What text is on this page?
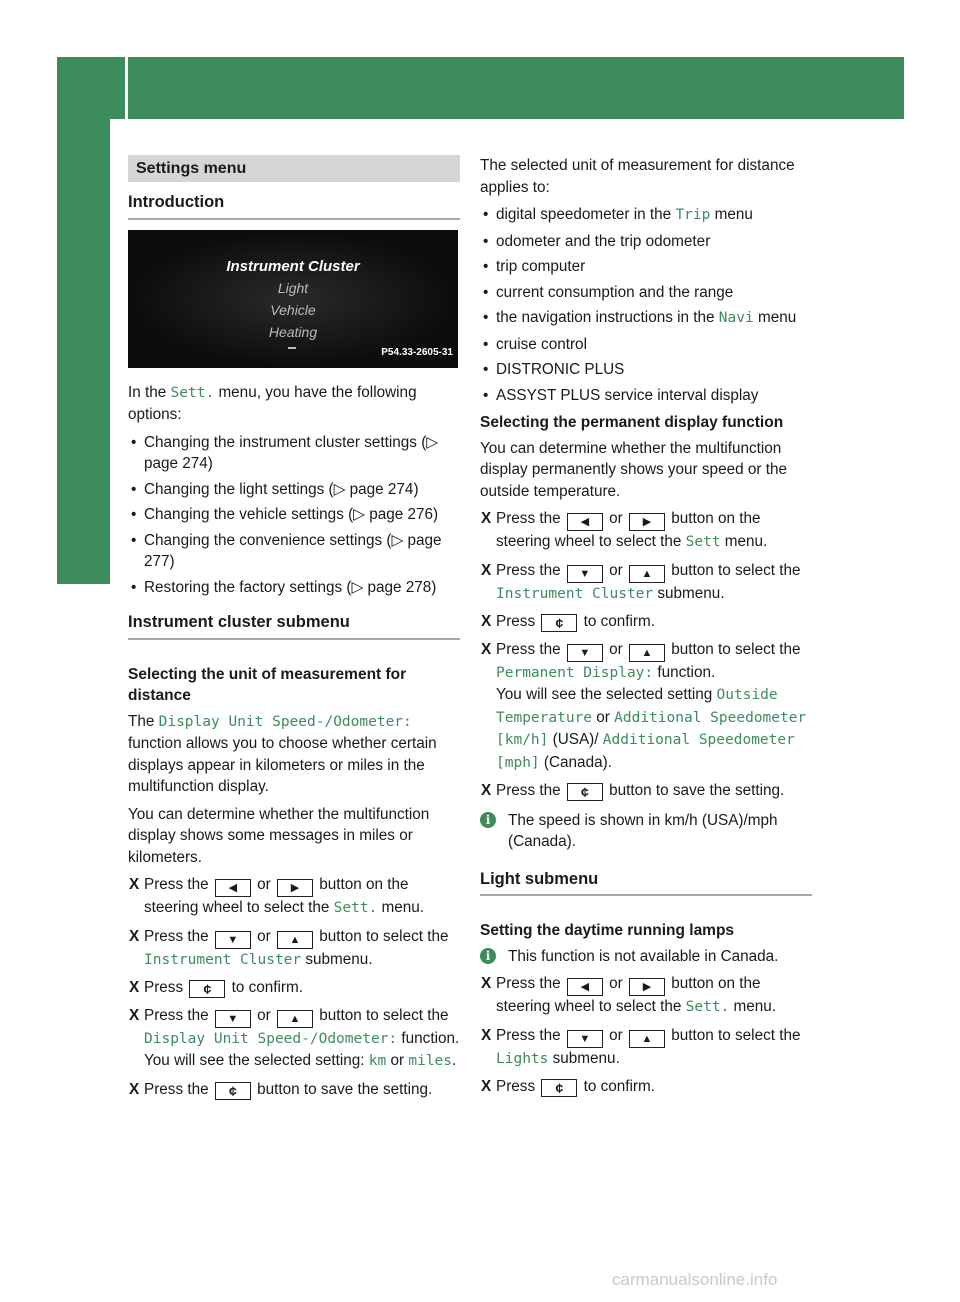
274 Menus and submenus
On-board computer and displays
Settings menu
Introduction
Instrument Cluster
Light
Vehicle
Heating
P54.33-2605-31

In the Sett. menu, you have the following options:

• Changing the instrument cluster settings (▷ page 274)
• Changing the light settings (▷ page 274)
• Changing the vehicle settings (▷ page 276)
• Changing the convenience settings (▷ page 277)
• Restoring the factory settings (▷ page 278)
Instrument cluster submenu
Selecting the unit of measurement for distance

The Display Unit Speed-/Odometer: function allows you to choose whether certain displays appear in kilometers or miles in the multifunction display.

You can determine whether the multifunction display shows some messages in miles or kilometers.

X Press the ◀ or ▶ button on the steering wheel to select the Sett. menu.
X Press the ▼ or ▲ button to select the Instrument Cluster submenu.
X Press ¢ to confirm.
X Press the ▼ or ▲ button to select the Display Unit Speed-/Odometer: function.
You will see the selected setting: km or miles.
X Press the ¢ button to save the setting.

The selected unit of measurement for distance applies to:

• digital speedometer in the Trip menu
• odometer and the trip odometer
• trip computer
• current consumption and the range
• the navigation instructions in the Navi menu
• cruise control
• DISTRONIC PLUS
• ASSYST PLUS service interval display
Selecting the permanent display function

You can determine whether the multifunction display permanently shows your speed or the outside temperature.

X Press the ◀ or ▶ button on the steering wheel to select the Sett menu.
X Press the ▼ or ▲ button to select the Instrument Cluster submenu.
X Press ¢ to confirm.
X Press the ▼ or ▲ button to select the Permanent Display: function.
You will see the selected setting Outside Temperature or Additional Speedometer [km/h] (USA)/ Additional Speedometer [mph] (Canada).
X Press the ¢ button to save the setting.
i	The speed is shown in km/h (USA)/mph (Canada).
Light submenu
Setting the daytime running lamps
i	This function is not available in Canada.
X Press the ◀ or ▶ button on the steering wheel to select the Sett. menu.
X Press the ▼ or ▲ button to select the Lights submenu.
X Press ¢ to confirm.
carmanualsonline.info
